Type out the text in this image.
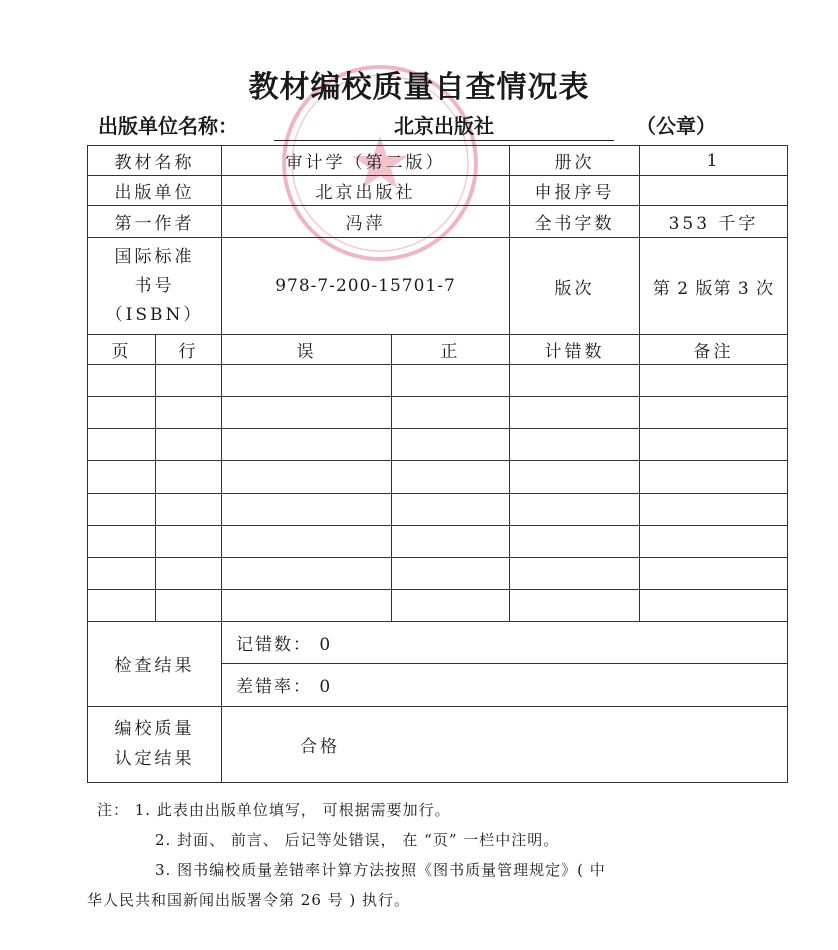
教材编校质量自查情况表
出版单位名称：	北京出版社	（公章）
教材名称		审计学（第二版）		册次	1
出版单位		北京出版社		申报序号	
第一作者		冯萍		全书字数	353 千字

国际标准
书号
（ISBN）		978-7-200-15701-7		版次	第 2 版第 3 次
页	行	误	正	计错数	备注

检查结果		记错数： 0			
		差错率： 0			

编校质量
认定结果		合格			
注： 1. 此表由出版单位填写， 可根据需要加行。
2. 封面、 前言、 后记等处错误， 在 “页” 一栏中注明。
3. 图书编校质量差错率计算方法按照《图书质量管理规定》( 中
华人民共和国新闻出版署令第 26 号 ) 执行。
